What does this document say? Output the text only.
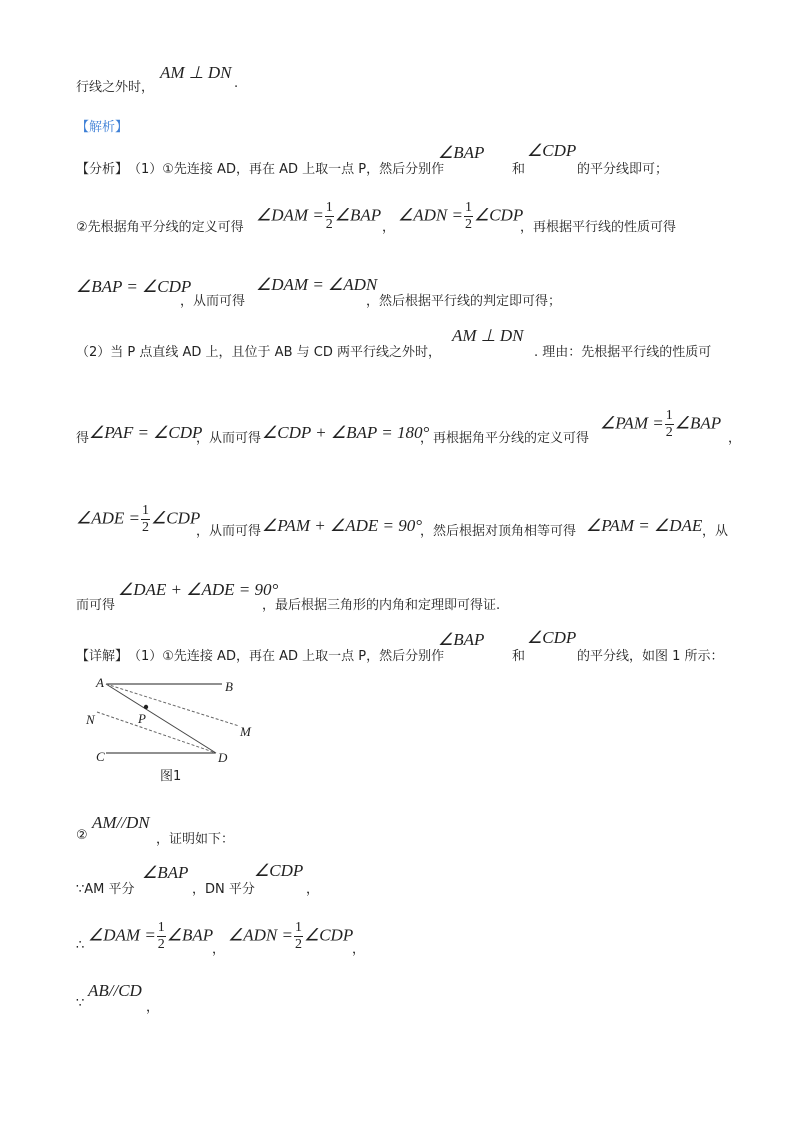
行线之外时，
AM ⊥ DN
.
【解析】
【分析】 （1）①先连接 AD，再在 AD 上取一点 P，然后分别作
∠BAP
和
∠CDP
的平分线即可；
②先根据角平分线的定义可得
∠DAM = $\frac{1}{2}$ ∠BAP
，
∠ADN = $\frac{1}{2}$ ∠CDP
，再根据平行线的性质可得
∠BAP = ∠CDP
，从而可得
∠DAM = ∠ADN
，然后根据平行线的判定即可得；
（2）当 P 点直线 AD 上，且位于 AB 与 CD 两平行线之外时，
AM ⊥ DN
. 理由：先根据平行线的性质可
得 ∠PAF = ∠CDP
，从而可得 ∠CDP + ∠BAP = 180°
，再根据角平分线的定义可得
∠PAM = $\frac{1}{2}$ ∠BAP
，
∠ADE = $\frac{1}{2}$ ∠CDP
，从而可得 ∠PAM + ∠ADE = 90°
，然后根据对顶角相等可得 ∠PAM = ∠DAE ，从
而可得
∠DAE + ∠ADE = 90°
，最后根据三角形的内角和定理即可得证.
【详解】 （1）①先连接 AD，再在 AD 上取一点 P，然后分别作
∠BAP
和
∠CDP
的平分线，如图 1 所示：
A	B
N	P
M
C	D
图1
②
AM//DN
，证明如下：
∵AM 平分
∠BAP
，DN 平分
∠CDP
，
∴
∠DAM = $\frac{1}{2}$ ∠BAP
，
∠ADN = $\frac{1}{2}$ ∠CDP
，
∵
AB//CD
，
